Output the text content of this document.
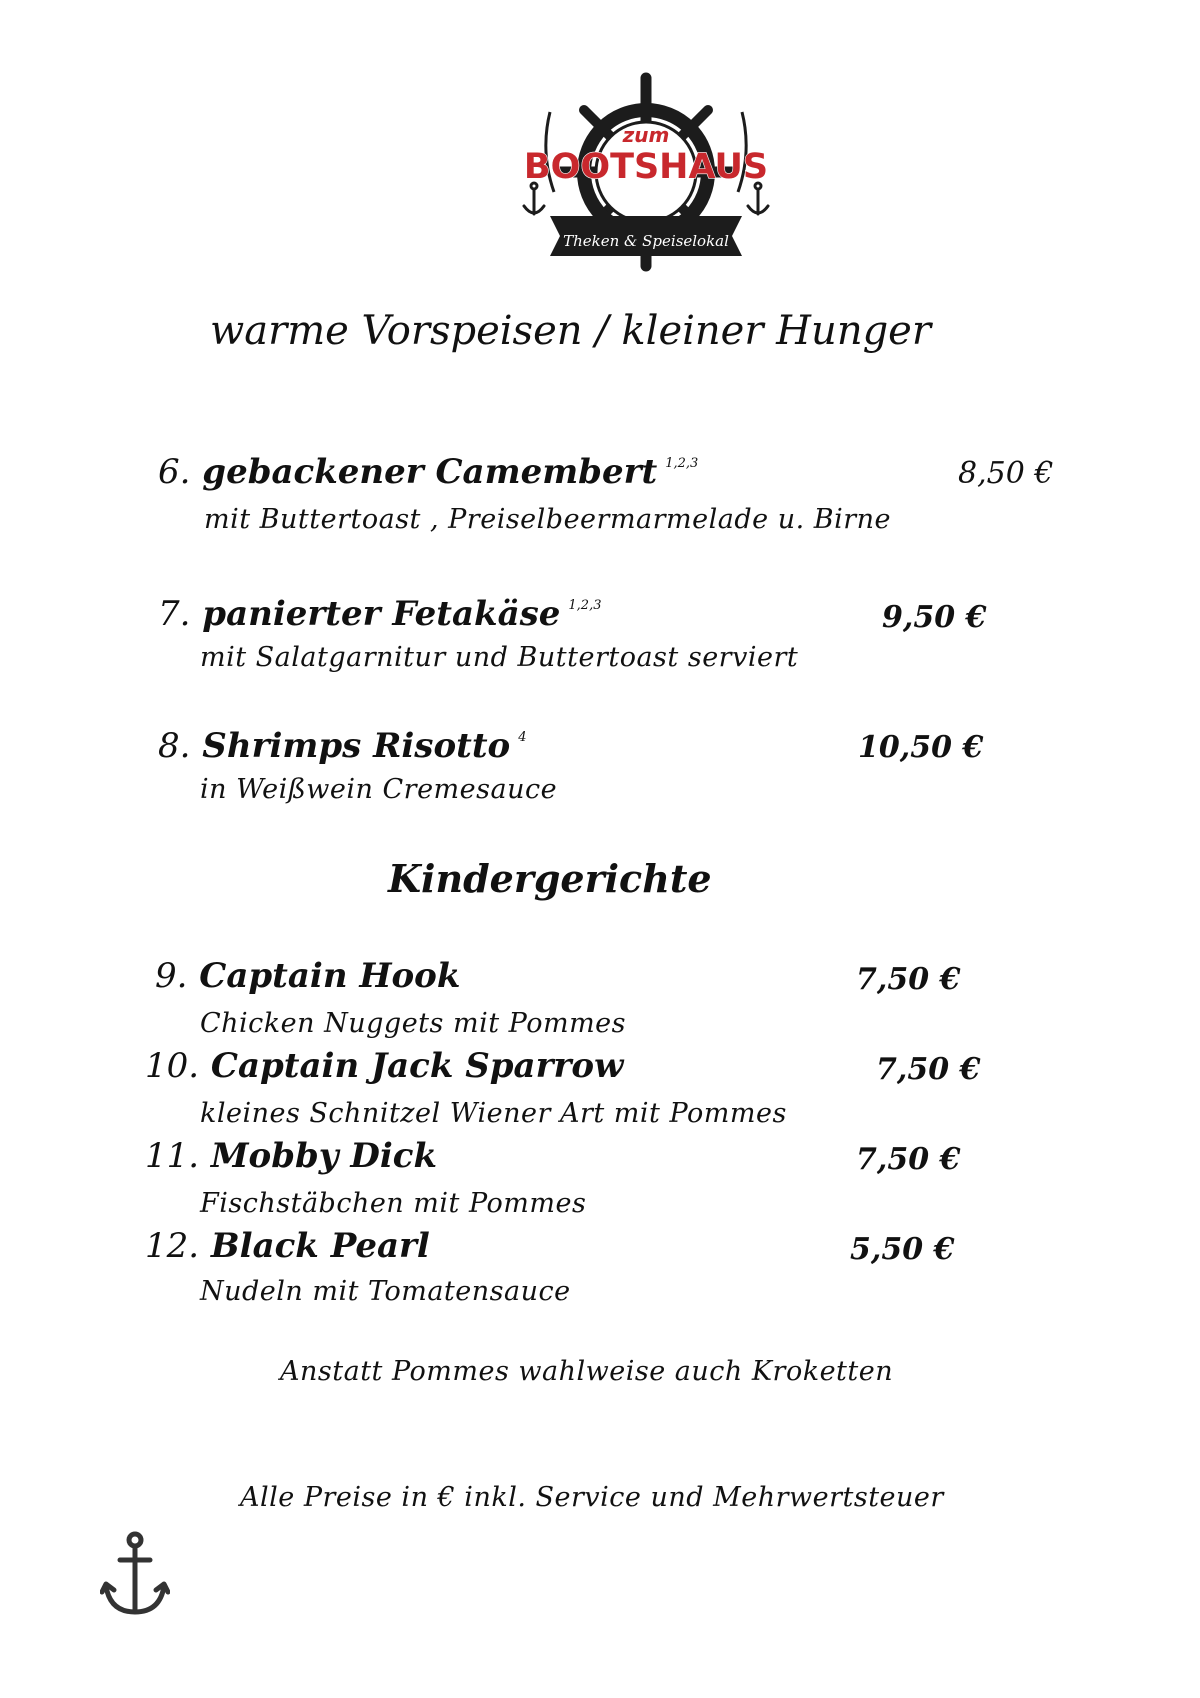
zum
BOOTSHAUS
Theken & Speiselokal
warme Vorspeisen / kleiner Hunger
6. gebackener Camembert $^{1,2,3}$	8,50 €
mit Buttertoast , Preiselbeermarmelade u. Birne
7. panierter Fetakäse $^{1,2,3}$	9,50 €
mit Salatgarnitur und Buttertoast serviert
8. Shrimps Risotto $^4$	10,50 €
in Weißwein Cremesauce
Kindergerichte
9. Captain Hook	7,50 €
Chicken Nuggets mit Pommes
10. Captain Jack Sparrow	7,50 €
kleines Schnitzel Wiener Art mit Pommes
11. Mobby Dick	7,50 €
Fischstäbchen mit Pommes
12. Black Pearl	5,50 €
Nudeln mit Tomatensauce
Anstatt Pommes wahlweise auch Kroketten
Alle Preise in € inkl. Service und Mehrwertsteuer
